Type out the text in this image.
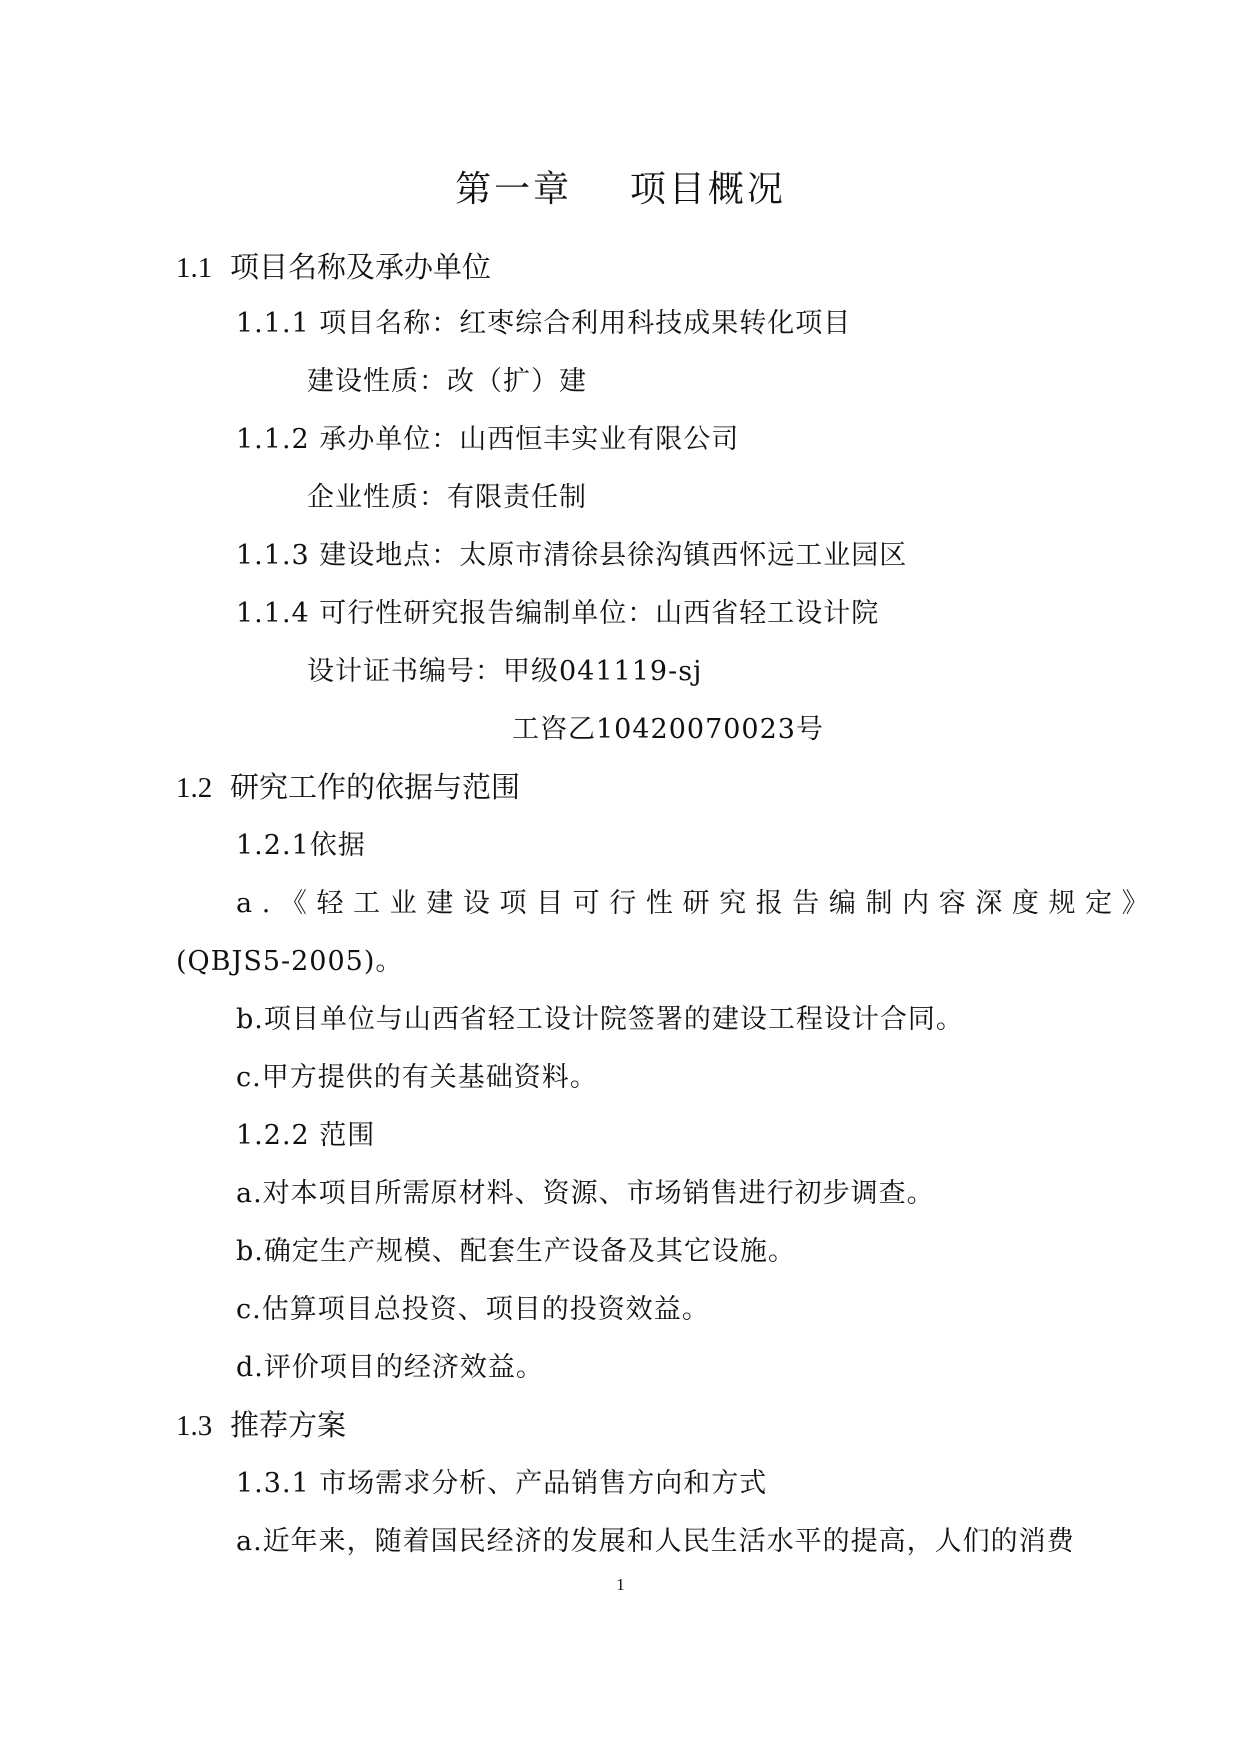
第一章    项目概况
1.1 项目名称及承办单位
1.1.1 项目名称：红枣综合利用科技成果转化项目
建设性质：改（扩）建
1.1.2 承办单位：山西恒丰实业有限公司
企业性质：有限责任制
1.1.3 建设地点：太原市清徐县徐沟镇西怀远工业园区
1.1.4 可行性研究报告编制单位：山西省轻工设计院
设计证书编号：甲级041119-sj
工咨乙10420070023号
1.2 研究工作的依据与范围
1.2.1依据
a.《轻工业建设项目可行性研究报告编制内容深度规定》
(QBJS5-2005)。
b.项目单位与山西省轻工设计院签署的建设工程设计合同。
c.甲方提供的有关基础资料。
1.2.2 范围
a.对本项目所需原材料、资源、市场销售进行初步调查。
b.确定生产规模、配套生产设备及其它设施。
c.估算项目总投资、项目的投资效益。
d.评价项目的经济效益。
1.3 推荐方案
1.3.1 市场需求分析、产品销售方向和方式
a.近年来，随着国民经济的发展和人民生活水平的提高，人们的消费
1
